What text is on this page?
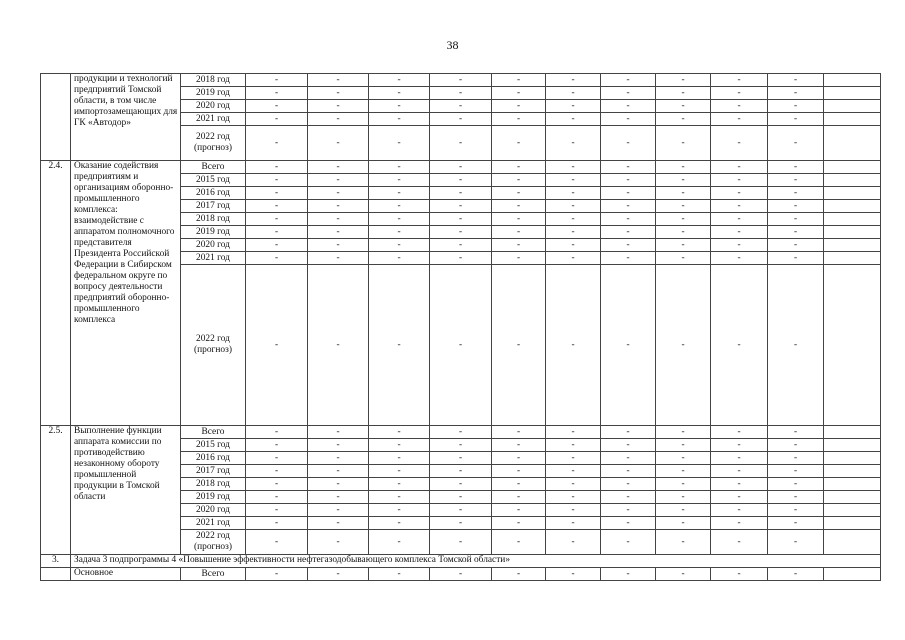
38
	продукции и технологий предприятий Томской области, в том числе импортозамещающих для ГК «Автодор»	2018 год	-	-	-	-	-	-	-	-	-	-	
		2019 год	-	-	-	-	-	-	-	-	-	-	
		2020 год	-	-	-	-	-	-	-	-	-	-	
		2021 год	-	-	-	-	-	-	-	-	-	-	
		2022 год (прогноз)	-	-	-	-	-	-	-	-	-	-	
2.4.	Оказание содействия предприятиям и организациям оборонно-промышленного комплекса: взаимодействие с аппаратом полномочного представителя Президента Российской Федерации в Сибирском федеральном округе по вопросу деятельности предприятий оборонно-промышленного комплекса	Всего	-	-	-	-	-	-	-	-	-	-	
		2015 год	-	-	-	-	-	-	-	-	-	-	
		2016 год	-	-	-	-	-	-	-	-	-	-	
		2017 год	-	-	-	-	-	-	-	-	-	-	
		2018 год	-	-	-	-	-	-	-	-	-	-	
		2019 год	-	-	-	-	-	-	-	-	-	-	
		2020 год	-	-	-	-	-	-	-	-	-	-	
		2021 год	-	-	-	-	-	-	-	-	-	-	
		2022 год (прогноз)	-	-	-	-	-	-	-	-	-	-	
2.5.	Выполнение функции аппарата комиссии по противодействию незаконному обороту промышленной продукции в Томской области	Всего	-	-	-	-	-	-	-	-	-	-	
		2015 год	-	-	-	-	-	-	-	-	-	-	
		2016 год	-	-	-	-	-	-	-	-	-	-	
		2017 год	-	-	-	-	-	-	-	-	-	-	
		2018 год	-	-	-	-	-	-	-	-	-	-	
		2019 год	-	-	-	-	-	-	-	-	-	-	
		2020 год	-	-	-	-	-	-	-	-	-	-	
		2021 год	-	-	-	-	-	-	-	-	-	-	
		2022 год (прогноз)	-	-	-	-	-	-	-	-	-	-	
3.	Задача 3 подпрограммы 4 «Повышение эффективности нефтегазодобывающего комплекса Томской области»												
	Основное	Всего	-	-	-	-	-	-	-	-	-	-	
